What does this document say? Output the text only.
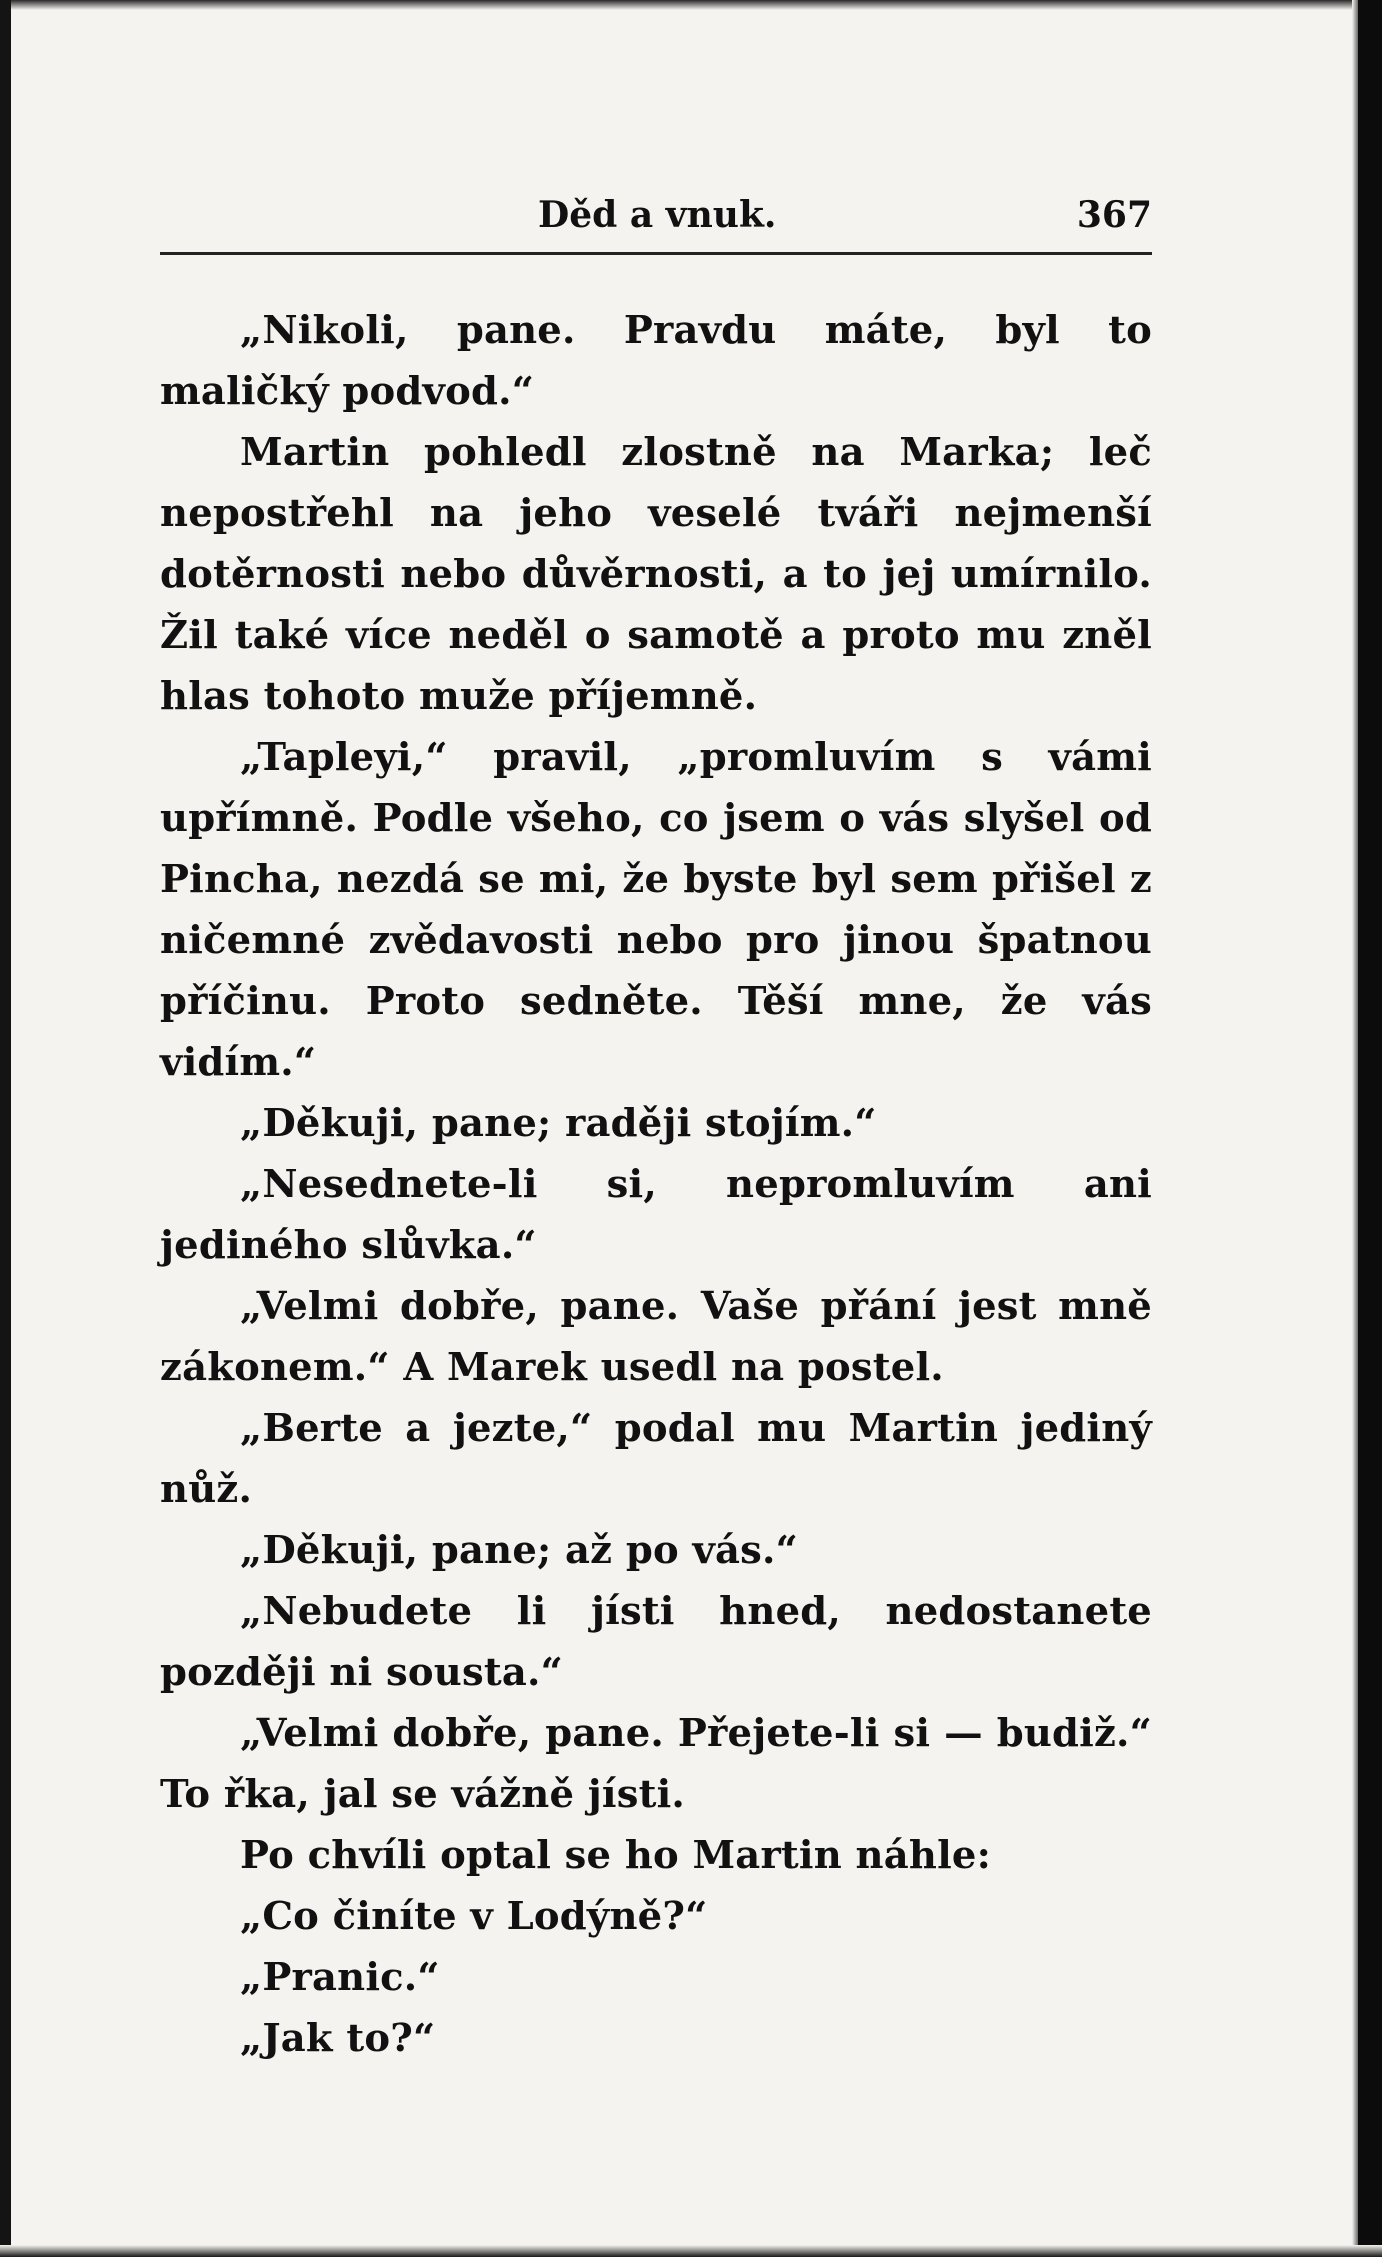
Děd a vnuk.	367

„Nikoli, pane. Pravdu máte, byl to maličký podvod.“

Martin pohledl zlostně na Marka; leč nepostřehl na jeho veselé tváři nejmenší dotěrnosti nebo důvěrnosti, a to jej umírnilo. Žil také více neděl o samotě a proto mu zněl hlas tohoto muže příjemně.

„Tapleyi,“ pravil, „promluvím s vámi upřímně. Podle všeho, co jsem o vás slyšel od Pincha, nezdá se mi, že byste byl sem přišel z ničemné zvědavosti nebo pro jinou špatnou příčinu. Proto sedněte. Těší mne, že vás vidím.“

„Děkuji, pane; raději stojím.“

„Nesednete-li si, nepromluvím ani jediného slůvka.“

„Velmi dobře, pane. Vaše přání jest mně zákonem.“ A Marek usedl na postel.

„Berte a jezte,“ podal mu Martin jediný nůž.

„Děkuji, pane; až po vás.“

„Nebudete li jísti hned, nedostanete později ni sousta.“

„Velmi dobře, pane. Přejete-li si — budiž.“ To řka, jal se vážně jísti.

Po chvíli optal se ho Martin náhle:

„Co činíte v Lodýně?“

„Pranic.“

„Jak to?“
